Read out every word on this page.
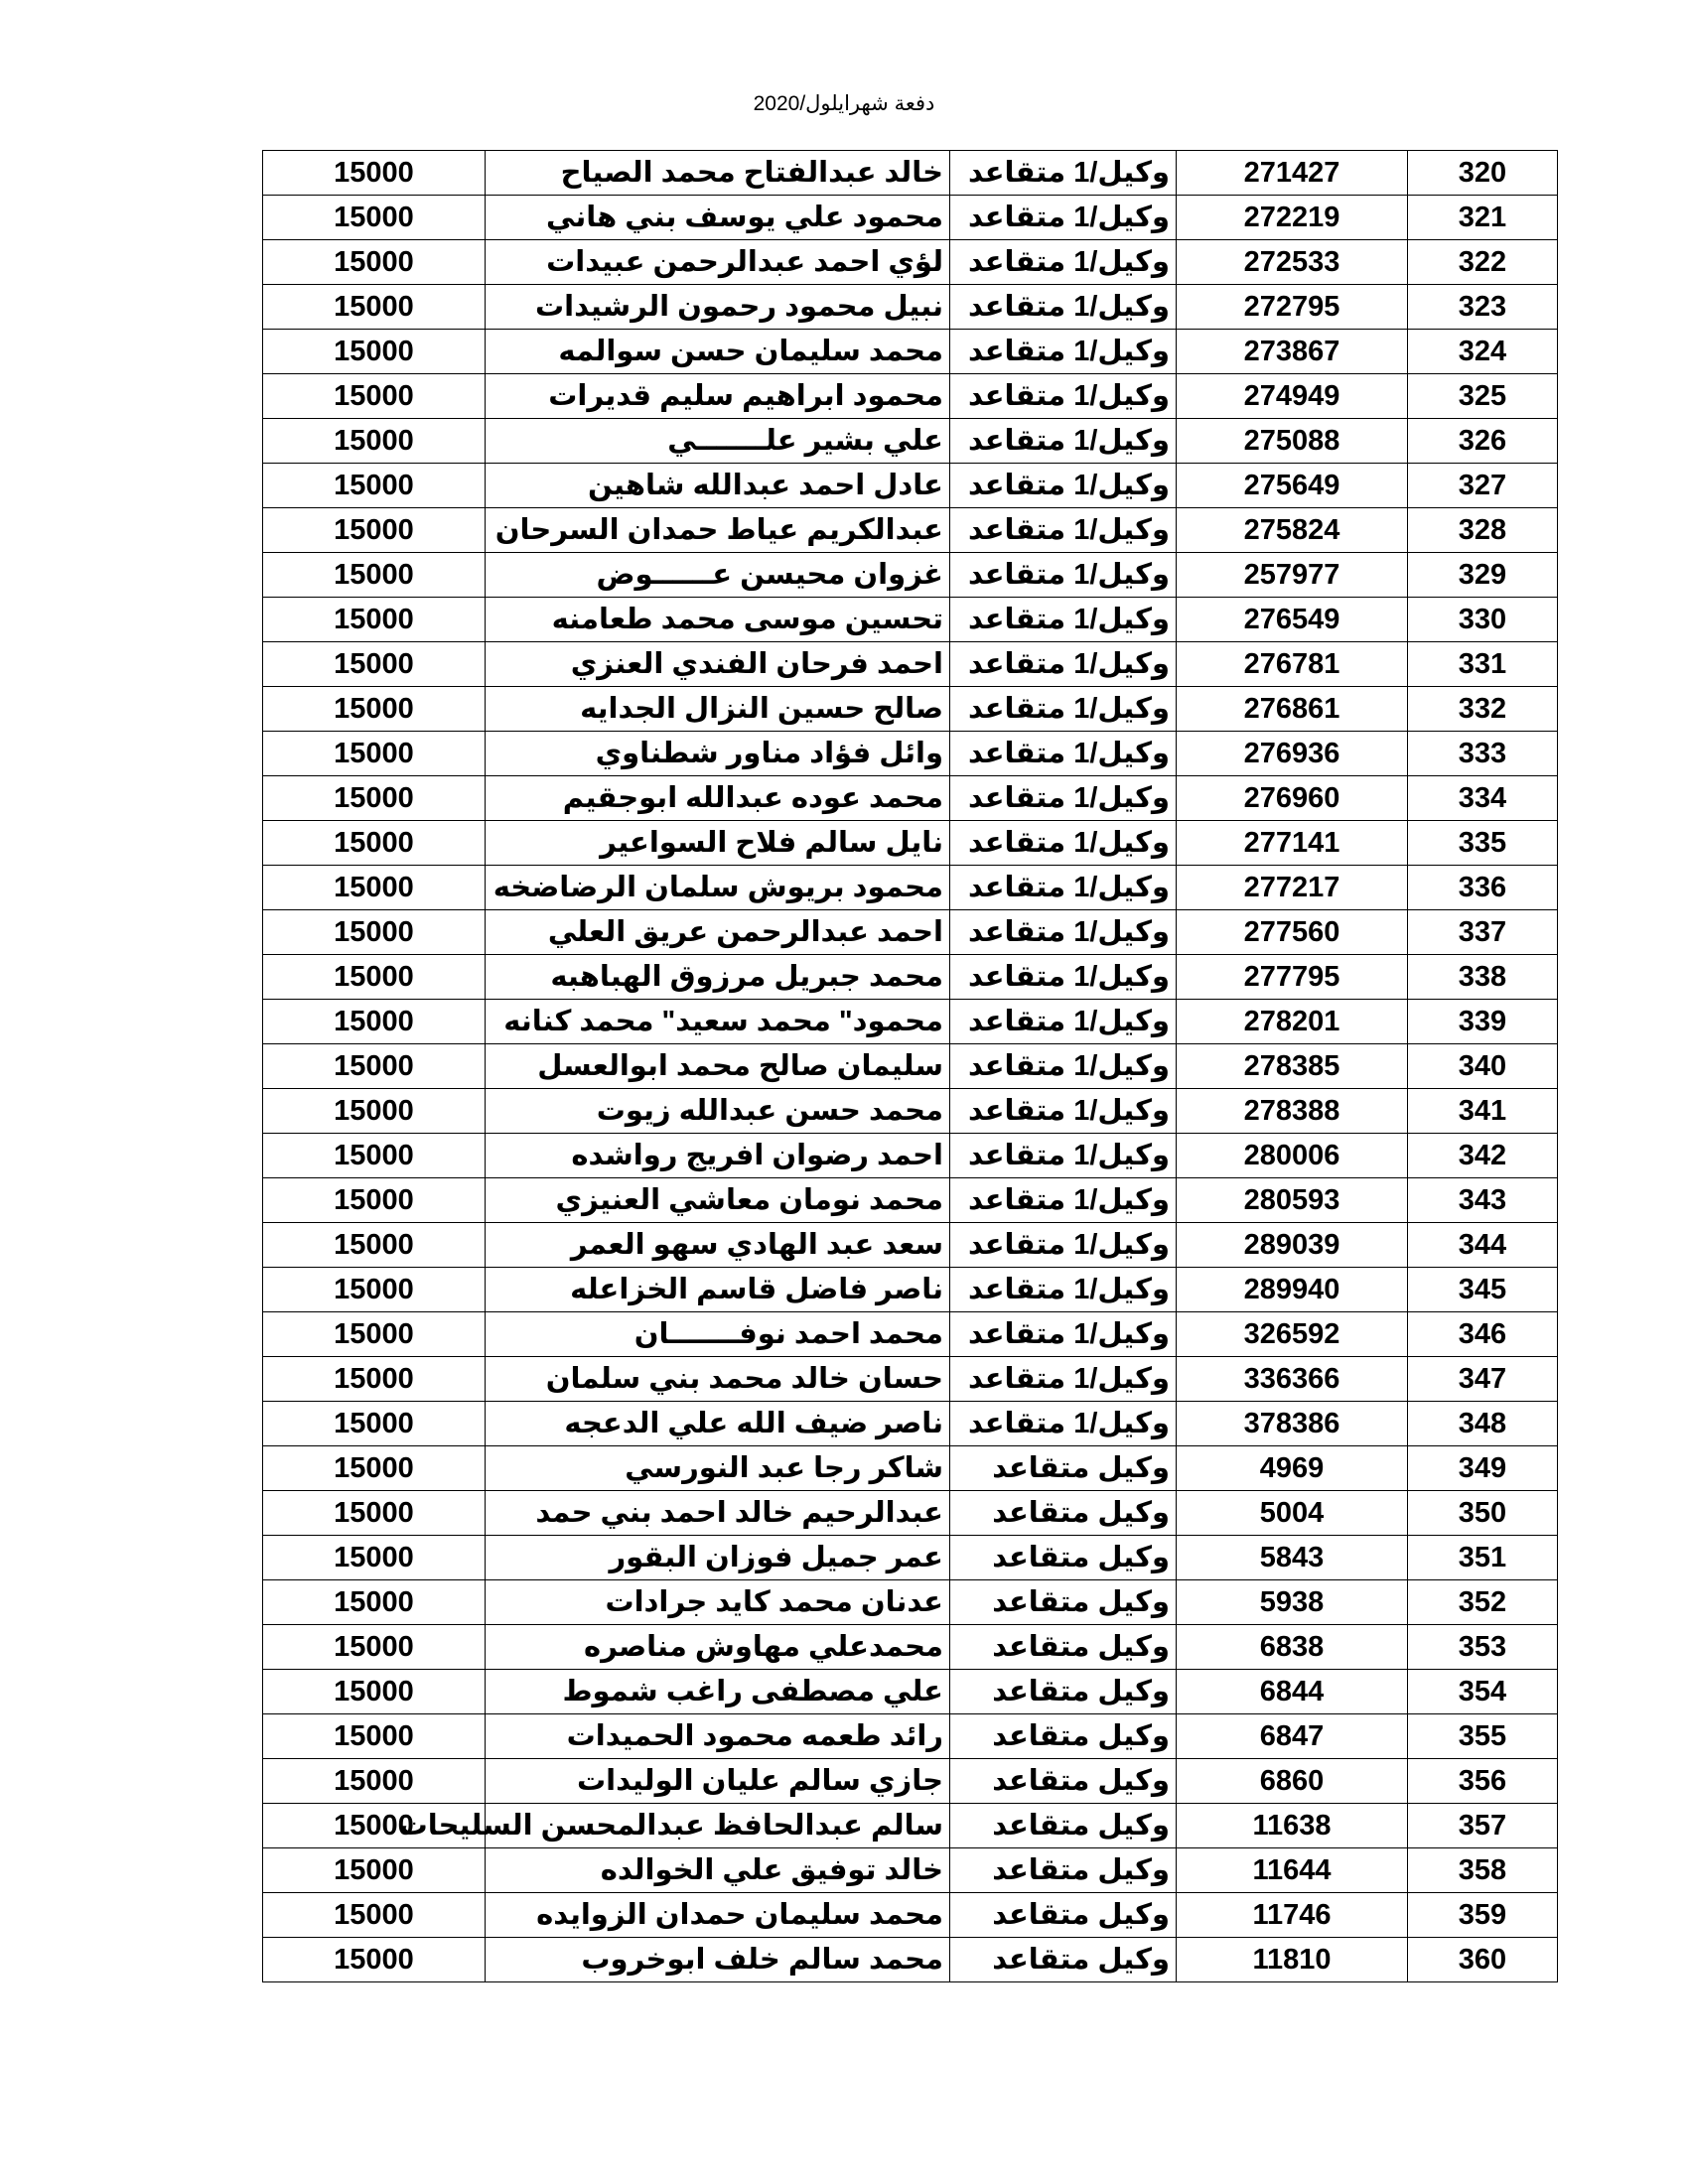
دفعة شهرايلول/2020
15000	خالد عبدالفتاح محمد الصياح	وكيل/1 متقاعد	271427	320
15000	محمود علي يوسف بني هاني	وكيل/1 متقاعد	272219	321
15000	لؤي احمد عبدالرحمن عبيدات	وكيل/1 متقاعد	272533	322
15000	نبيل محمود رحمون الرشيدات	وكيل/1 متقاعد	272795	323
15000	محمد سليمان حسن سوالمه	وكيل/1 متقاعد	273867	324
15000	محمود ابراهيم سليم قديرات	وكيل/1 متقاعد	274949	325
15000	علي بشير علـــــــي	وكيل/1 متقاعد	275088	326
15000	عادل احمد عبدالله شاهين	وكيل/1 متقاعد	275649	327
15000	عبدالكريم عياط حمدان السرحان	وكيل/1 متقاعد	275824	328
15000	غزوان محيسن عــــــوض	وكيل/1 متقاعد	257977	329
15000	تحسين موسى محمد طعامنه	وكيل/1 متقاعد	276549	330
15000	احمد فرحان الفندي العنزي	وكيل/1 متقاعد	276781	331
15000	صالح حسين النزال الجدايه	وكيل/1 متقاعد	276861	332
15000	وائل فؤاد مناور شطناوي	وكيل/1 متقاعد	276936	333
15000	محمد عوده عبدالله ابوجقيم	وكيل/1 متقاعد	276960	334
15000	نايل سالم فلاح السواعير	وكيل/1 متقاعد	277141	335
15000	محمود بريوش سلمان الرضاضخه	وكيل/1 متقاعد	277217	336
15000	احمد عبدالرحمن عريق العلي	وكيل/1 متقاعد	277560	337
15000	محمد جبريل مرزوق الهباهبه	وكيل/1 متقاعد	277795	338
15000	محمود" محمد سعيد" محمد كنانه	وكيل/1 متقاعد	278201	339
15000	سليمان صالح محمد ابوالعسل	وكيل/1 متقاعد	278385	340
15000	محمد حسن عبدالله زيوت	وكيل/1 متقاعد	278388	341
15000	احمد رضوان افريج رواشده	وكيل/1 متقاعد	280006	342
15000	محمد نومان معاشي العنيزي	وكيل/1 متقاعد	280593	343
15000	سعد عبد الهادي سهو العمر	وكيل/1 متقاعد	289039	344
15000	ناصر فاضل قاسم الخزاعله	وكيل/1 متقاعد	289940	345
15000	محمد احمد نوفـــــــان	وكيل/1 متقاعد	326592	346
15000	حسان خالد محمد بني سلمان	وكيل/1 متقاعد	336366	347
15000	ناصر ضيف الله علي الدعجه	وكيل/1 متقاعد	378386	348
15000	شاكر رجا عبد النورسي	وكيل متقاعد	4969	349
15000	عبدالرحيم خالد احمد بني حمد	وكيل متقاعد	5004	350
15000	عمر جميل فوزان البقور	وكيل متقاعد	5843	351
15000	عدنان محمد كايد جرادات	وكيل متقاعد	5938	352
15000	محمدعلي مهاوش مناصره	وكيل متقاعد	6838	353
15000	علي مصطفى راغب شموط	وكيل متقاعد	6844	354
15000	رائد طعمه محمود الحميدات	وكيل متقاعد	6847	355
15000	جازي سالم عليان الوليدات	وكيل متقاعد	6860	356
15000	سالم عبدالحافظ عبدالمحسن السليحات	وكيل متقاعد	11638	357
15000	خالد توفيق علي الخوالده	وكيل متقاعد	11644	358
15000	محمد سليمان حمدان الزوايده	وكيل متقاعد	11746	359
15000	محمد سالم خلف ابوخروب	وكيل متقاعد	11810	360
